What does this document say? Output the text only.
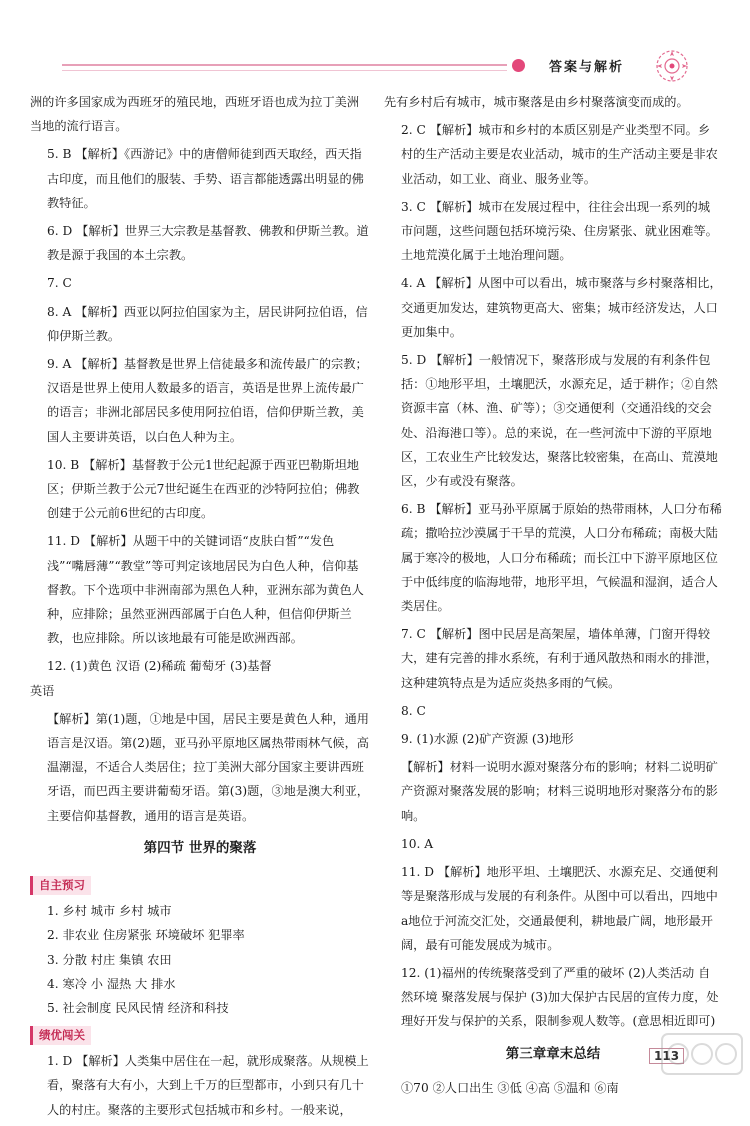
答案与解析

洲的许多国家成为西班牙的殖民地，西班牙语也成为拉丁美洲当地的流行语言。

5. B 【解析】《西游记》中的唐僧师徒到西天取经，西天指古印度，而且他们的服装、手势、语言都能透露出明显的佛教特征。

6. D 【解析】世界三大宗教是基督教、佛教和伊斯兰教。道教是源于我国的本土宗教。

7. C

8. A 【解析】西亚以阿拉伯国家为主，居民讲阿拉伯语，信仰伊斯兰教。

9. A 【解析】基督教是世界上信徒最多和流传最广的宗教；汉语是世界上使用人数最多的语言，英语是世界上流传最广的语言；非洲北部居民多使用阿拉伯语，信仰伊斯兰教，美国人主要讲英语，以白色人种为主。

10. B 【解析】基督教于公元1世纪起源于西亚巴勒斯坦地区；伊斯兰教于公元7世纪诞生在西亚的沙特阿拉伯；佛教创建于公元前6世纪的古印度。

11. D 【解析】从题干中的关键词语“皮肤白皙”“发色浅”“嘴唇薄”“教堂”等可判定该地居民为白色人种，信仰基督教。下个选项中非洲南部为黑色人种，亚洲东部为黄色人种，应排除；虽然亚洲西部属于白色人种，但信仰伊斯兰教，也应排除。所以该地最有可能是欧洲西部。

12. (1)黄色 汉语 (2)稀疏 葡萄牙 (3)基督

英语

【解析】第(1)题，①地是中国，居民主要是黄色人种，通用语言是汉语。第(2)题，亚马孙平原地区属热带雨林气候，高温潮湿，不适合人类居住；拉丁美洲大部分国家主要讲西班牙语，而巴西主要讲葡萄牙语。第(3)题，③地是澳大利亚，主要信仰基督教，通用的语言是英语。

第四节 世界的聚落
自主预习

1. 乡村 城市 乡村 城市

2. 非农业 住房紧张 环境破坏 犯罪率

3. 分散 村庄 集镇 农田

4. 寒冷 小 湿热 大 排水

5. 社会制度 民风民情 经济和科技

绩优闯关

1. D 【解析】人类集中居住在一起，就形成聚落。从规模上看，聚落有大有小，大到上千万的巨型都市，小到只有几十人的村庄。聚落的主要形式包括城市和乡村。一般来说，

先有乡村后有城市，城市聚落是由乡村聚落演变而成的。

2. C 【解析】城市和乡村的本质区别是产业类型不同。乡村的生产活动主要是农业活动，城市的生产活动主要是非农业活动，如工业、商业、服务业等。

3. C 【解析】城市在发展过程中，往往会出现一系列的城市问题，这些问题包括环境污染、住房紧张、就业困难等。土地荒漠化属于土地治理问题。

4. A 【解析】从图中可以看出，城市聚落与乡村聚落相比，交通更加发达，建筑物更高大、密集；城市经济发达，人口更加集中。

5. D 【解析】一般情况下，聚落形成与发展的有利条件包括：①地形平坦，土壤肥沃，水源充足，适于耕作；②自然资源丰富（林、渔、矿等）；③交通便利（交通沿线的交会处、沿海港口等）。总的来说，在一些河流中下游的平原地区，工农业生产比较发达，聚落比较密集，在高山、荒漠地区，少有或没有聚落。

6. B 【解析】亚马孙平原属于原始的热带雨林，人口分布稀疏；撒哈拉沙漠属于干旱的荒漠，人口分布稀疏；南极大陆属于寒冷的极地，人口分布稀疏；而长江中下游平原地区位于中低纬度的临海地带，地形平坦，气候温和湿润，适合人类居住。

7. C 【解析】图中民居是高架屋，墙体单薄，门窗开得较大，建有完善的排水系统，有利于通风散热和雨水的排泄，这种建筑特点是为适应炎热多雨的气候。

8. C

9. (1)水源 (2)矿产资源 (3)地形

【解析】材料一说明水源对聚落分布的影响；材料二说明矿产资源对聚落发展的影响；材料三说明地形对聚落分布的影响。

10. A

11. D 【解析】地形平坦、土壤肥沃、水源充足、交通便利等是聚落形成与发展的有利条件。从图中可以看出，四地中a地位于河流交汇处，交通最便利，耕地最广阔，地形最开阔，最有可能发展成为城市。

12. (1)福州的传统聚落受到了严重的破坏 (2)人类活动 自然环境 聚落发展与保护 (3)加大保护古民居的宣传力度，处理好开发与保护的关系，限制参观人数等。(意思相近即可)

第三章章末总结

①70 ②人口出生 ③低 ④高 ⑤温和 ⑥南

113
